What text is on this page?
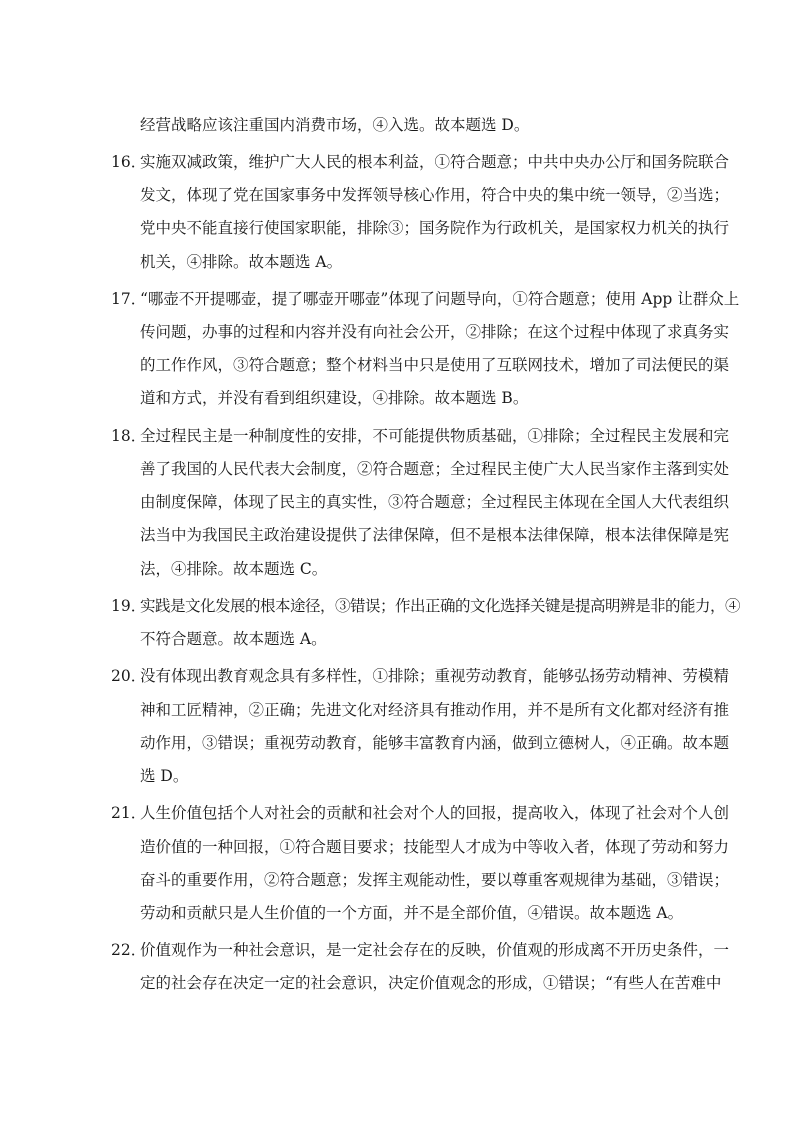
经营战略应该注重国内消费市场，④入选。故本题选 D。
16．
实施双减政策，维护广大人民的根本利益，①符合题意；中共中央办公厅和国务院联合
发文，体现了党在国家事务中发挥领导核心作用，符合中央的集中统一领导，②当选；
党中央不能直接行使国家职能，排除③；国务院作为行政机关，是国家权力机关的执行
机关，④排除。故本题选 A。
17．
“哪壶不开提哪壶，提了哪壶开哪壶”体现了问题导向，①符合题意；使用 App 让群众上
传问题，办事的过程和内容并没有向社会公开，②排除；在这个过程中体现了求真务实
的工作作风，③符合题意；整个材料当中只是使用了互联网技术，增加了司法便民的渠
道和方式，并没有看到组织建设，④排除。故本题选 B。
18．
全过程民主是一种制度性的安排，不可能提供物质基础，①排除；全过程民主发展和完
善了我国的人民代表大会制度，②符合题意；全过程民主使广大人民当家作主落到实处
由制度保障，体现了民主的真实性，③符合题意；全过程民主体现在全国人大代表组织
法当中为我国民主政治建设提供了法律保障，但不是根本法律保障，根本法律保障是宪
法，④排除。故本题选 C。
19．
实践是文化发展的根本途径，③错误；作出正确的文化选择关键是提高明辨是非的能力，④
不符合题意。故本题选 A。
20．
没有体现出教育观念具有多样性，①排除；重视劳动教育，能够弘扬劳动精神、劳模精
神和工匠精神，②正确；先进文化对经济具有推动作用，并不是所有文化都对经济有推
动作用，③错误；重视劳动教育，能够丰富教育内涵，做到立德树人，④正确。故本题
选 D。
21．
人生价值包括个人对社会的贡献和社会对个人的回报，提高收入，体现了社会对个人创
造价值的一种回报，①符合题目要求；技能型人才成为中等收入者，体现了劳动和努力
奋斗的重要作用，②符合题意；发挥主观能动性，要以尊重客观规律为基础，③错误；
劳动和贡献只是人生价值的一个方面，并不是全部价值，④错误。故本题选 A。
22．
价值观作为一种社会意识，是一定社会存在的反映，价值观的形成离不开历史条件，一
定的社会存在决定一定的社会意识，决定价值观念的形成，①错误；“有些人在苦难中
